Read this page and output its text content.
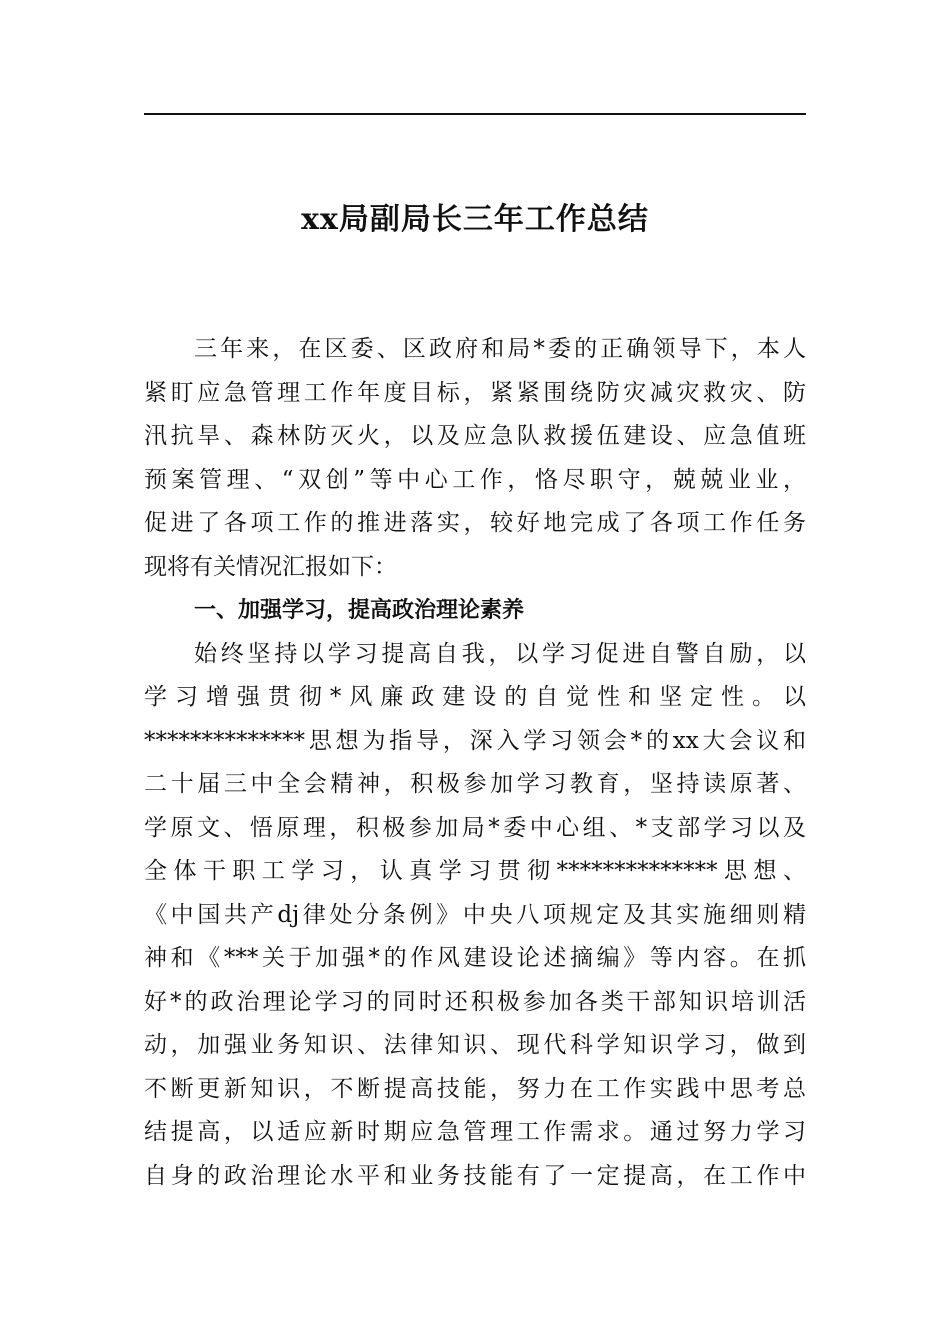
xx局副局长三年工作总结
三年来，在区委、区政府和局*委的正确领导下，本人
紧盯应急管理工作年度目标，紧紧围绕防灾减灾救灾、防
汛抗旱、森林防灭火，以及应急队救援伍建设、应急值班
预案管理、“双创”等中心工作，恪尽职守，兢兢业业，
促进了各项工作的推进落实，较好地完成了各项工作任务
现将有关情况汇报如下：
一、加强学习，提高政治理论素养
始终坚持以学习提高自我，以学习促进自警自励，以
学习增强贯彻*风廉政建设的自觉性和坚定性。以
**************思想为指导，深入学习领会*的xx大会议和
二十届三中全会精神，积极参加学习教育，坚持读原著、
学原文、悟原理，积极参加局*委中心组、*支部学习以及
全体干职工学习，认真学习贯彻**************思想、
《中国共产dj律处分条例》中央八项规定及其实施细则精
神和《***关于加强*的作风建设论述摘编》等内容。在抓
好*的政治理论学习的同时还积极参加各类干部知识培训活
动，加强业务知识、法律知识、现代科学知识学习，做到
不断更新知识，不断提高技能，努力在工作实践中思考总
结提高，以适应新时期应急管理工作需求。通过努力学习
自身的政治理论水平和业务技能有了一定提高，在工作中
